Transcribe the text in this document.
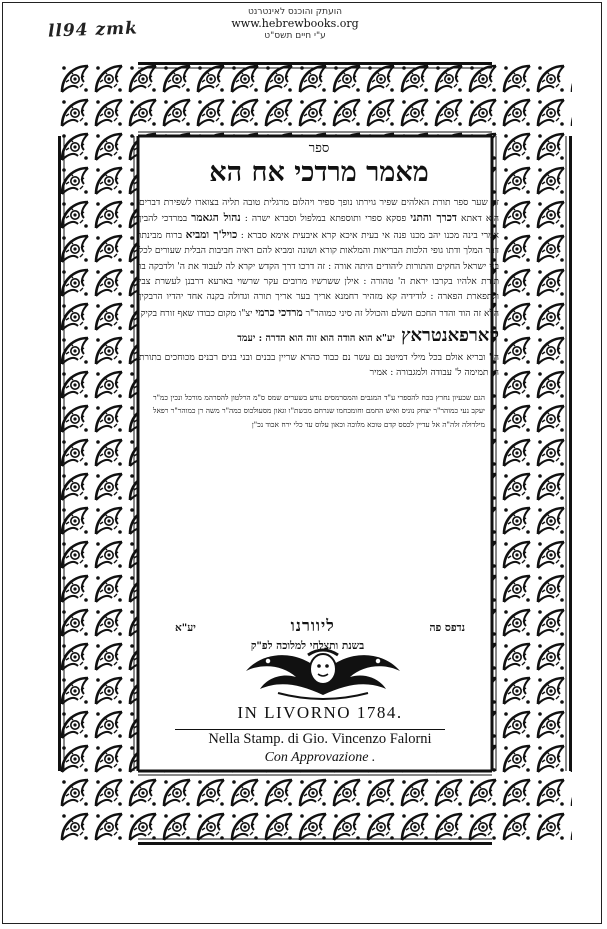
ll94 zmk
הועתק והוכנס לאינטרנט
www.hebrewbooks.org
ע"י חיים תשס"ט
ספר
מאמר מרדכי אח הא

זה שער ספר תורת האלהים שפיר גוירתו נופך ספיר ויהלום מרגלית טובה תליה בצוארו לשפירת דברים היא דאתא דכרך והתני פסקא ספרי ותוספתא במלפול וסברא ישרה : נהול הגאמר במרדכי להבין אמרי בינה מכנו יהב מכנו פנה אי בעית איכא קרא איבעית אימא סברא : כויל'ך ומביא ברוח מבינתו דבר המלך ודתו גופי הלכות הבריאות והמלאות קורא ושונה ומביא להם ראיה חביבות הבלית שעורים לכל בני ישראל החקים והתורות ליהודים היתה אורה : זה דרכו דרך הקדש יקרא לה לעבוד את ה' ולדבקה בו תורת אלהיו בקרבו יראת ה' טהורה : אילן ששרשיו מרובים עקר שרשוי בארעא דרבנן לעשרת צבי ולתפארת הפארה : לודידיה קא מזהיר רחמנא אריך בער אריך תורה וגדולה בקנה אחד יהדיו הרבקין הלא זה הוד והדר החכם השלם והכולל זה סיני כמוהר"ר מרדכי כרמי יצ"ו מקום כבודו שאף זורח בקיק

קארפאנטראץ יע"א הוא הודה הוא זוה הוא הדרה : יעמד

הי' ובריא אולם בכל מילי דמיטב נם עשר נם כבוד כהרא שריין בבנים ובני בנים רבנים מכוחכים בתורת ה' תמימה ל' עבודה ולמגבורה : אמיר

הגם שכעיון נחרץ בכח להספרי ע"ד המגבים והמסרמסים נודע בשערים שמס ס"מ הרלטון להסרהמ מורכל ונכין כמ"ר יעקב נעי כמוהר"ר יצחק נוניס ואיש החמם וחומכחמו שנרחם מכשת"ו וגאון מסעולכוס כמה"ר משה רן כמוהר"ר רפאל מילדולה זלה"ה אל עדיין לכסס קדם טוכא מלוכה וכאון עלוס עד כלי ירח אכוד נכ"ן

נדפס פה
ליוורנו
יע"א
בשנת ותצלחי למלוכה לפ"ק
IN LIVORNO 1784.
Nella Stamp. di Gio. Vincenzo Falorni
Con Approvazione .
